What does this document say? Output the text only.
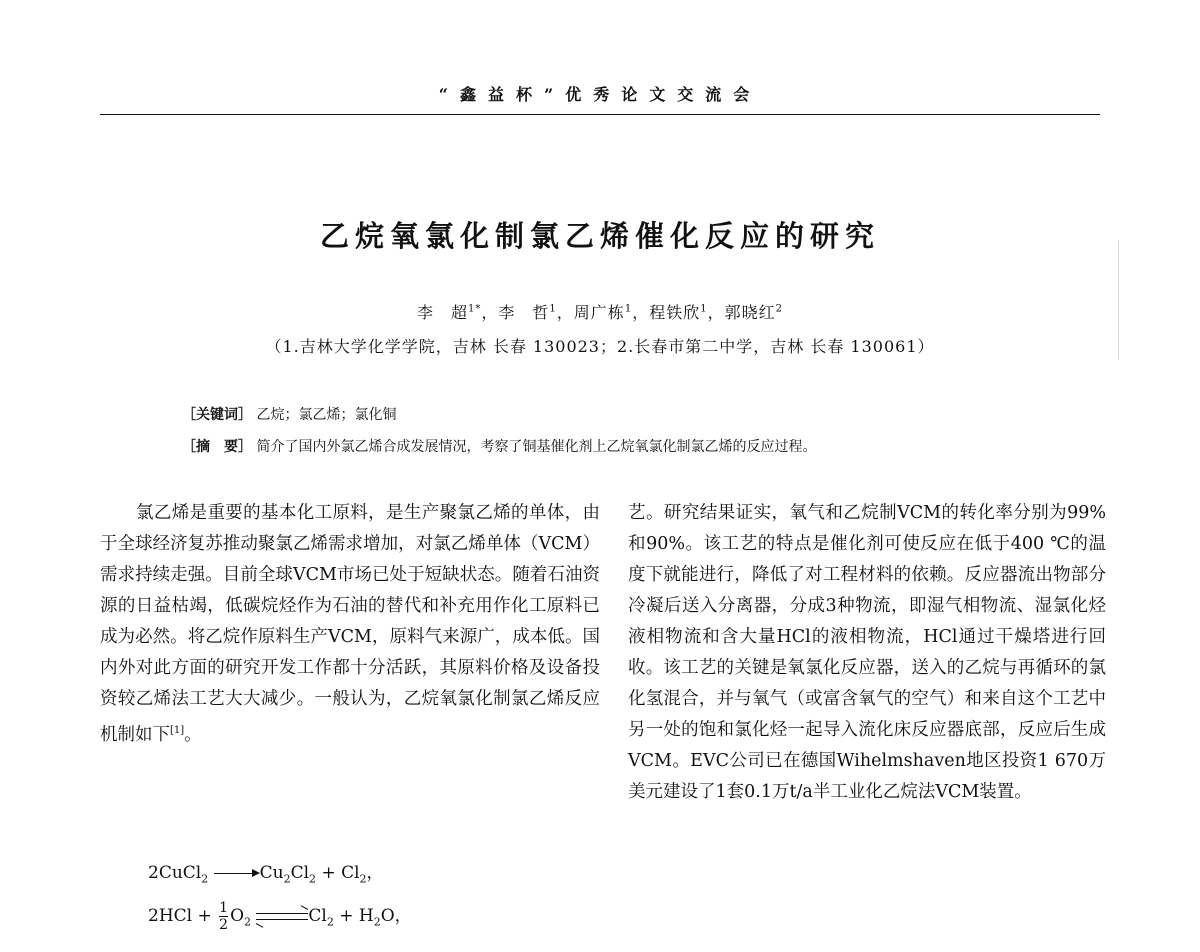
“鑫益杯”优秀论文交流会
乙烷氧氯化制氯乙烯催化反应的研究
李　超$^{1*}$，李　哲$^1$，周广栋$^1$，程铁欣$^1$，郭晓红$^2$
（1.吉林大学化学学院，吉林 长春 130023；2.长春市第二中学，吉林 长春 130061）
［关键词］ 乙烷；氯乙烯；氯化铜
［摘　要］ 简介了国内外氯乙烯合成发展情况，考察了铜基催化剂上乙烷氧氯化制氯乙烯的反应过程。

氯乙烯是重要的基本化工原料，是生产聚氯乙烯的单体，由于全球经济复苏推动聚氯乙烯需求增加，对氯乙烯单体（VCM）需求持续走强。目前全球VCM市场已处于短缺状态。随着石油资源的日益枯竭，低碳烷烃作为石油的替代和补充用作化工原料已成为必然。将乙烷作原料生产VCM，原料气来源广，成本低。国内外对此方面的研究开发工作都十分活跃，其原料价格及设备投资较乙烯法工艺大大减少。一般认为，乙烷氧氯化制氯乙烯反应机制如下[1]。

2CuCl$_2$	$Cu_2Cl_2 + Cl_2$，
$2HCl + \frac{1}{2} O_2$ $\rightleftharpoons Cl_2 + H_2O$，

艺。研究结果证实，氧气和乙烷制VCM的转化率分别为99%和90%。该工艺的特点是催化剂可使反应在低于400 ℃的温度下就能进行，降低了对工程材料的依赖。反应器流出物部分冷凝后送入分离器，分成3种物流，即湿气相物流、湿氯化烃液相物流和含大量HCl的液相物流，HCl通过干燥塔进行回收。该工艺的关键是氧氯化反应器，送入的乙烷与再循环的氯化氢混合，并与氧气（或富含氧气的空气）和来自这个工艺中另一处的饱和氯化烃一起导入流化床反应器底部，反应后生成VCM。EVC公司已在德国Wihelmshaven地区投资1 670万美元建设了1套0.1万t/a半工业化乙烷法VCM装置。
